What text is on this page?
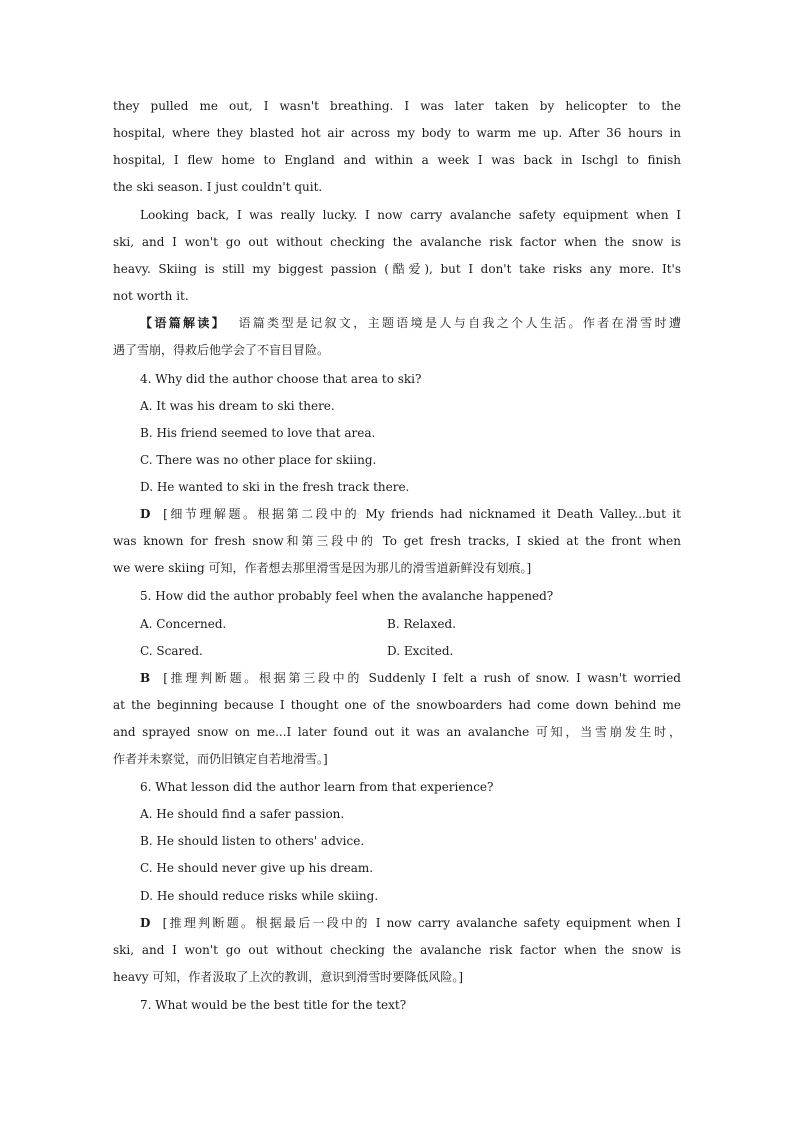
they pulled me out, I wasn't breathing. I was later taken by helicopter to the
hospital, where they blasted hot air across my body to warm me up. After 36 hours in
hospital, I flew home to England and within a week I was back in Ischgl to finish
the ski season. I just couldn't quit.
Looking back, I was really lucky. I now carry avalanche safety equipment when I
ski, and I won't go out without checking the avalanche risk factor when the snow is
heavy. Skiing is still my biggest passion (酷爱), but I don't take risks any more. It's
not worth it.
【语篇解读】 语篇类型是记叙文，主题语境是人与自我之个人生活。作者在滑雪时遭
遇了雪崩，得救后他学会了不盲目冒险。
4. Why did the author choose that area to ski?
A. It was his dream to ski there.
B. His friend seemed to love that area.
C. There was no other place for skiing.
D. He wanted to ski in the fresh track there.
D [细节理解题。根据第二段中的 My friends had nicknamed it Death Valley...but it
was known for fresh snow和第三段中的 To get fresh tracks, I skied at the front when
we were skiing 可知，作者想去那里滑雪是因为那儿的滑雪道新鲜没有划痕。]
5. How did the author probably feel when the avalanche happened?
A. Concerned.	B. Relaxed.
C. Scared.	D. Excited.
B [推理判断题。根据第三段中的 Suddenly I felt a rush of snow. I wasn't worried
at the beginning because I thought one of the snowboarders had come down behind me
and sprayed snow on me...I later found out it was an avalanche 可知，当雪崩发生时，
作者并未察觉，而仍旧镇定自若地滑雪。]
6. What lesson did the author learn from that experience?
A. He should find a safer passion.
B. He should listen to others' advice.
C. He should never give up his dream.
D. He should reduce risks while skiing.
D [推理判断题。根据最后一段中的 I now carry avalanche safety equipment when I
ski, and I won't go out without checking the avalanche risk factor when the snow is
heavy 可知，作者汲取了上次的教训，意识到滑雪时要降低风险。]
7. What would be the best title for the text?
